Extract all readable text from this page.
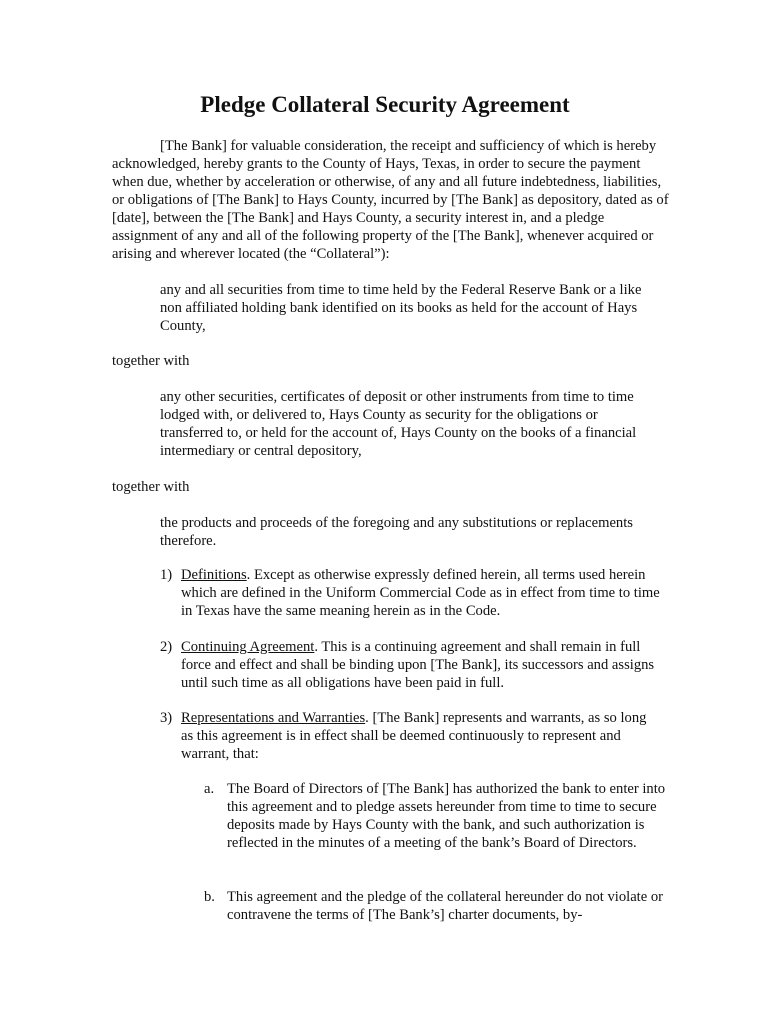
Pledge Collateral Security Agreement

[The Bank] for valuable consideration, the receipt and sufficiency of which is hereby acknowledged, hereby grants to the County of Hays, Texas, in order to secure the payment when due, whether by acceleration or otherwise, of any and all future indebtedness, liabilities, or obligations of [The Bank] to Hays County, incurred by [The Bank] as depository, dated as of [date], between the [The Bank] and Hays County, a security interest in, and a pledge assignment of any and all of the following property of the [The Bank], whenever acquired or arising and wherever located (the “Collateral”):

any and all securities from time to time held by the Federal Reserve Bank or a like non affiliated holding bank identified on its books as held for the account of Hays County,

together with

any other securities, certificates of deposit or other instruments from time to time lodged with, or delivered to, Hays County as security for the obligations or transferred to, or held for the account of, Hays County on the books of a financial intermediary or central depository,

together with

the products and proceeds of the foregoing and any substitutions or replacements therefore.

1) Definitions. Except as otherwise expressly defined herein, all terms used herein which are defined in the Uniform Commercial Code as in effect from time to time in Texas have the same meaning herein as in the Code.

2) Continuing Agreement. This is a continuing agreement and shall remain in full force and effect and shall be binding upon [The Bank], its successors and assigns until such time as all obligations have been paid in full.

3) Representations and Warranties. [The Bank] represents and warrants, as so long as this agreement is in effect shall be deemed continuously to represent and warrant, that:

a. The Board of Directors of [The Bank] has authorized the bank to enter into this agreement and to pledge assets hereunder from time to time to secure deposits made by Hays County with the bank, and such authorization is reflected in the minutes of a meeting of the bank’s Board of Directors.

b. This agreement and the pledge of the collateral hereunder do not violate or contravene the terms of [The Bank’s] charter documents, by-
